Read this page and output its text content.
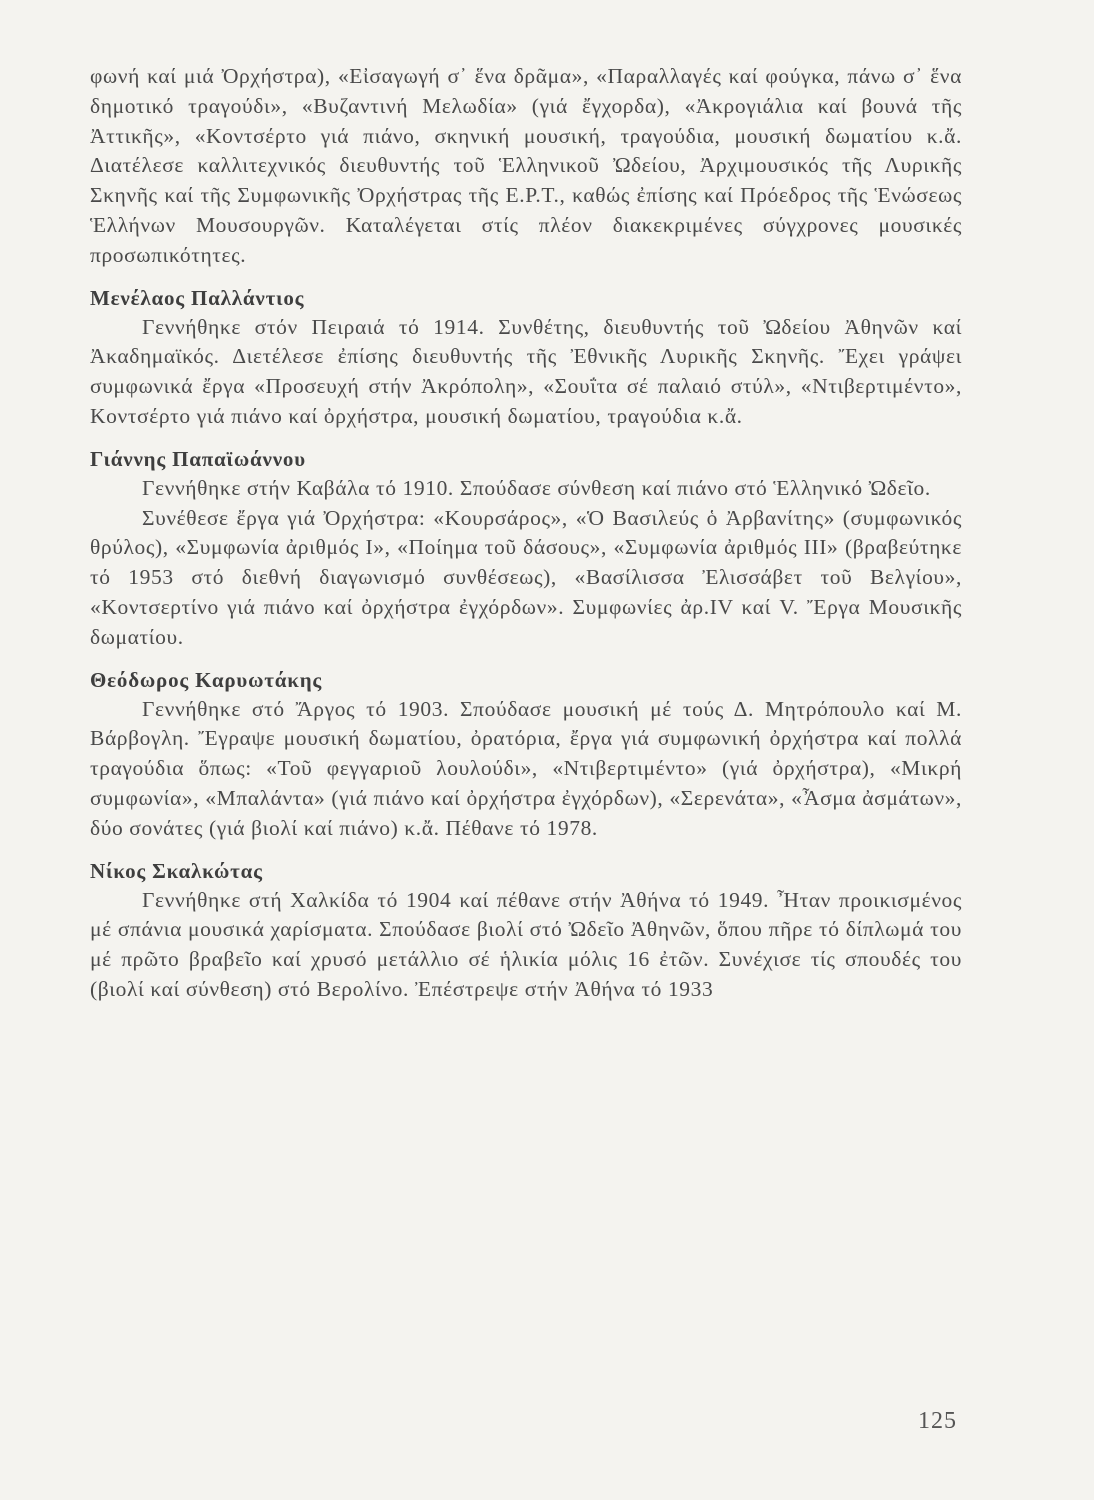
φωνή καί μιά Ὀρχήστρα), «Εἰσαγωγή σ᾿ ἕνα δρᾶμα», «Παραλλαγές καί φούγκα, πάνω σ᾿ ἕνα δημοτικό τραγούδι», «Βυζαντινή Μελωδία» (γιά ἔγχορδα), «Ἀκρογιάλια καί βουνά τῆς Ἀττικῆς», «Κοντσέρτο γιά πιάνο, σκηνική μουσική, τραγούδια, μουσική δωματίου κ.ἄ. Διατέλεσε καλλιτεχνικός διευθυντής τοῦ Ἑλληνικοῦ Ὠδείου, Ἀρχιμουσικός τῆς Λυρικῆς Σκηνῆς καί τῆς Συμφωνικῆς Ὀρχήστρας τῆς Ε.Ρ.Τ., καθώς ἐπίσης καί Πρόεδρος τῆς Ἑνώσεως Ἑλλήνων Μουσουργῶν. Καταλέγεται στίς πλέον διακεκριμένες σύγχρονες μουσικές προσωπικότητες.

Μενέλαος Παλλάντιος

Γεννήθηκε στόν Πειραιά τό 1914. Συνθέτης, διευθυντής τοῦ Ὠδείου Ἀθηνῶν καί Ἀκαδημαϊκός. Διετέλεσε ἐπίσης διευθυντής τῆς Ἐθνικῆς Λυρικῆς Σκηνῆς. Ἔχει γράψει συμφωνικά ἔργα «Προσευχή στήν Ἀκρόπολη», «Σουΐτα σέ παλαιό στύλ», «Ντιβερτιμέντο», Κοντσέρτο γιά πιάνο καί ὀρχήστρα, μουσική δωματίου, τραγούδια κ.ἄ.

Γιάννης Παπαϊωάννου

Γεννήθηκε στήν Καβάλα τό 1910. Σπούδασε σύνθεση καί πιάνο στό Ἑλληνικό Ὠδεῖο.

Συνέθεσε ἔργα γιά Ὀρχήστρα: «Κουρσάρος», «Ὁ Βασιλεύς ὁ Ἀρβανίτης» (συμφωνικός θρύλος), «Συμφωνία ἀριθμός Ι», «Ποίημα τοῦ δάσους», «Συμφωνία ἀριθμός ΙΙΙ» (βραβεύτηκε τό 1953 στό διεθνή διαγωνισμό συνθέσεως), «Βασίλισσα Ἐλισσάβετ τοῦ Βελγίου», «Κοντσερτίνο γιά πιάνο καί ὀρχήστρα ἐγχόρδων». Συμφωνίες ἀρ.IV καί V. Ἔργα Μουσικῆς δωματίου.

Θεόδωρος Καρυωτάκης

Γεννήθηκε στό Ἄργος τό 1903. Σπούδασε μουσική μέ τούς Δ. Μητρόπουλο καί Μ. Βάρβογλη. Ἔγραψε μουσική δωματίου, ὀρατόρια, ἔργα γιά συμφωνική ὀρχήστρα καί πολλά τραγούδια ὅπως: «Τοῦ φεγγαριοῦ λουλούδι», «Ντιβερτιμέντο» (γιά ὀρχήστρα), «Μικρή συμφωνία», «Μπαλάντα» (γιά πιάνο καί ὀρχήστρα ἐγχόρδων), «Σερενάτα», «Ἆσμα ἀσμάτων», δύο σονάτες (γιά βιολί καί πιάνο) κ.ἄ. Πέθανε τό 1978.

Νίκος Σκαλκώτας

Γεννήθηκε στή Χαλκίδα τό 1904 καί πέθανε στήν Ἀθήνα τό 1949. Ἦταν προικισμένος μέ σπάνια μουσικά χαρίσματα. Σπούδασε βιολί στό Ὠδεῖο Ἀθηνῶν, ὅπου πῆρε τό δίπλωμά του μέ πρῶτο βραβεῖο καί χρυσό μετάλλιο σέ ἡλικία μόλις 16 ἐτῶν. Συνέχισε τίς σπουδές του (βιολί καί σύνθεση) στό Βερολίνο. Ἐπέστρεψε στήν Ἀθήνα τό 1933

125
